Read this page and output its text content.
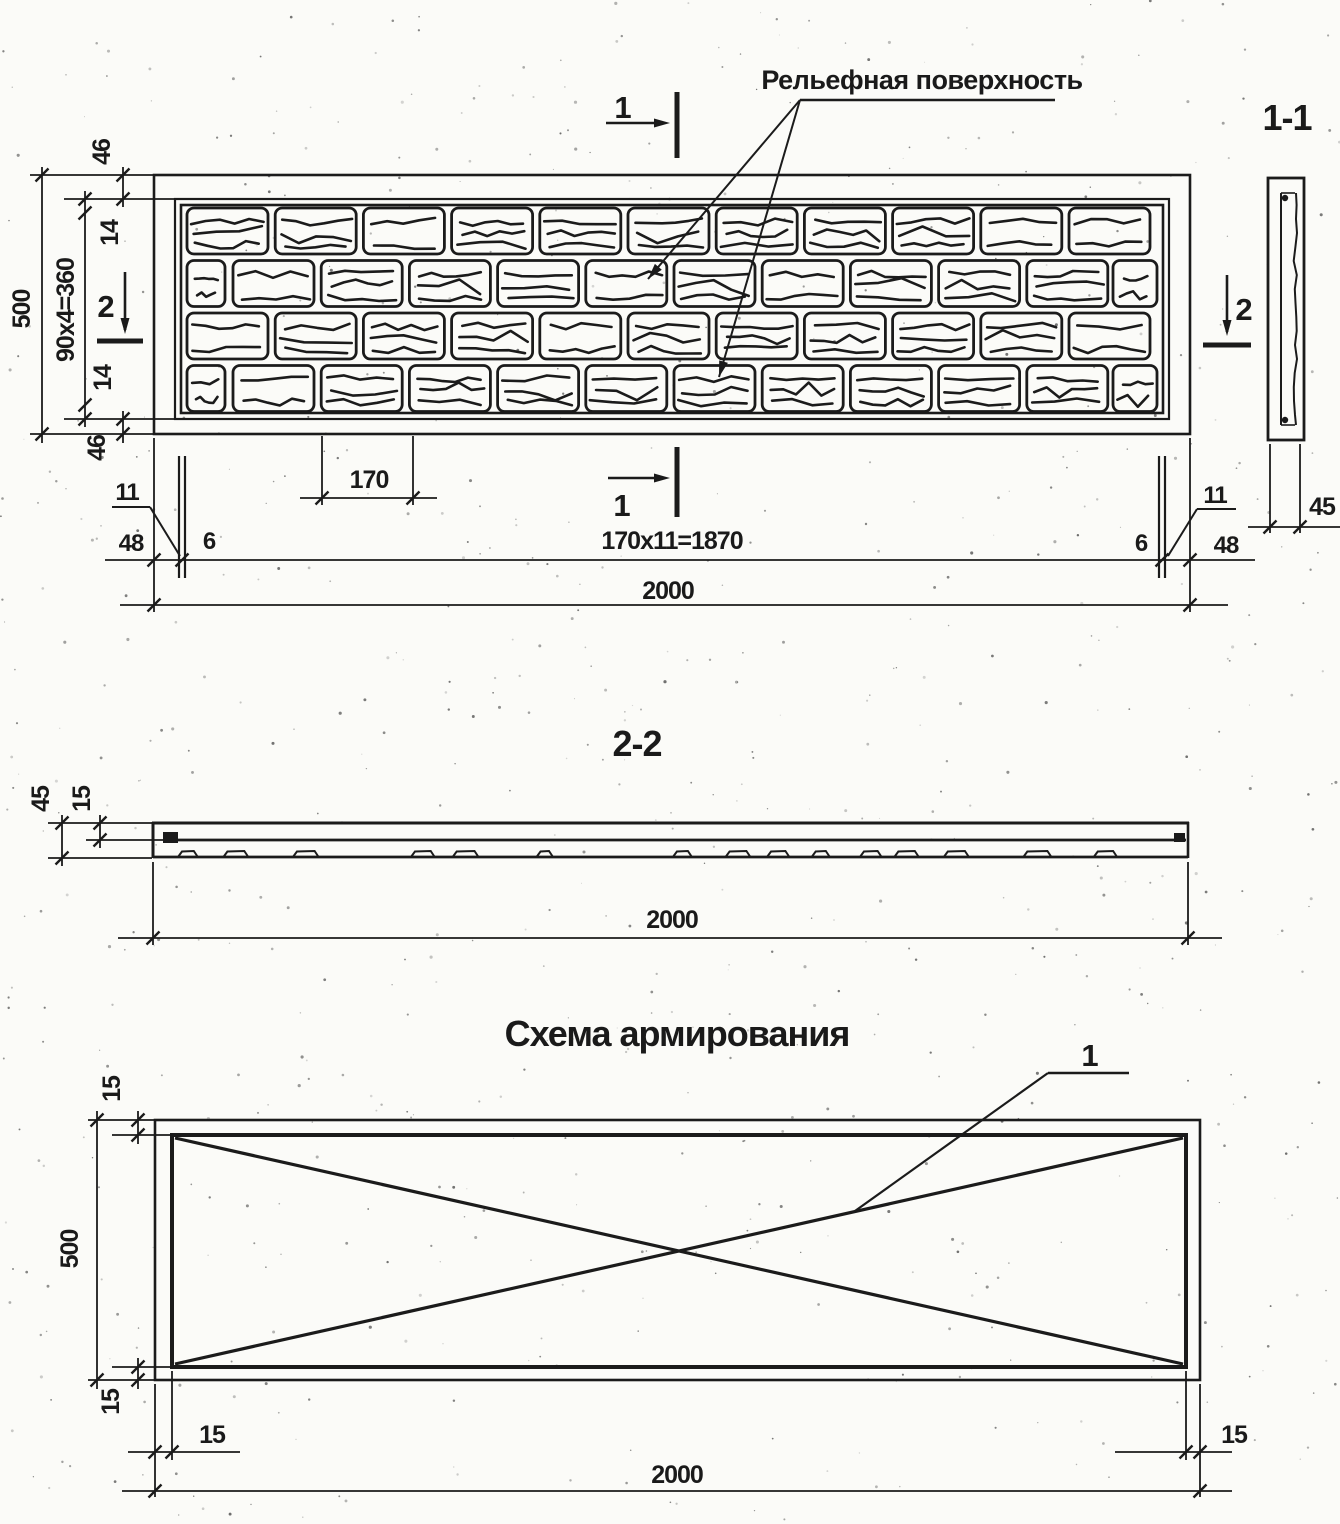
1
1
2	2
Рельефная поверхность
500 90x4=360
14
14
46
46
170
170x11=1870
2000
11
48 6
11
48
6
1-1
45
2-2
45 15
2000
Схема армирования
1
500
15
15
15	15
2000
